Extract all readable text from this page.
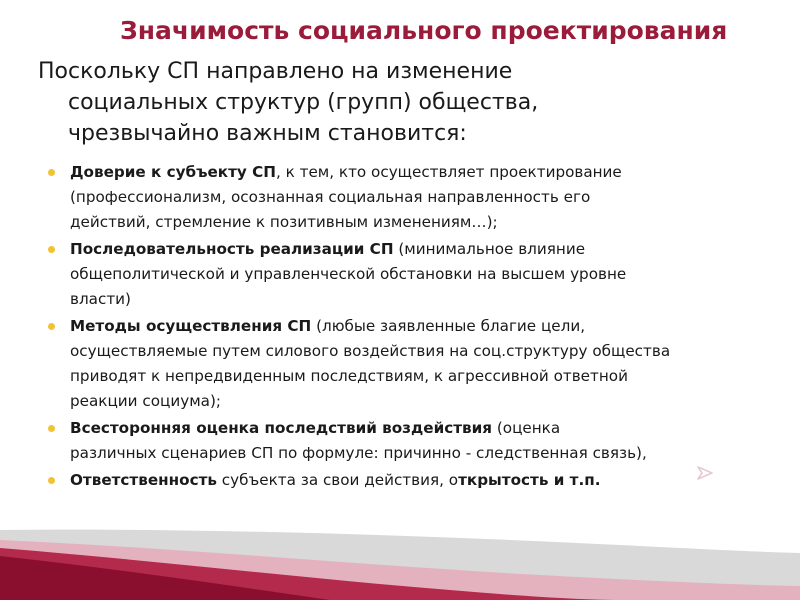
Значимость социального проектирования
Поскольку СП направлено на изменение
социальных структур (групп) общества,
чрезвычайно важным становится:
Доверие к субъекту СП, к тем, кто осуществляет проектирование
(профессионализм, осознанная социальная направленность его
действий, стремление к позитивным изменениям…);
Последовательность реализации СП (минимальное влияние
общеполитической и управленческой обстановки на высшем уровне
власти)
Методы осуществления СП (любые заявленные благие цели,
осуществляемые путем силового воздействия на соц.структуру общества
приводят к непредвиденным последствиям, к агрессивной ответной
реакции социума);
Всесторонняя оценка последствий воздействия (оценка
различных сценариев СП по формуле: причинно - следственная связь),
Ответственность субъекта за свои действия, открытость и т.п.
